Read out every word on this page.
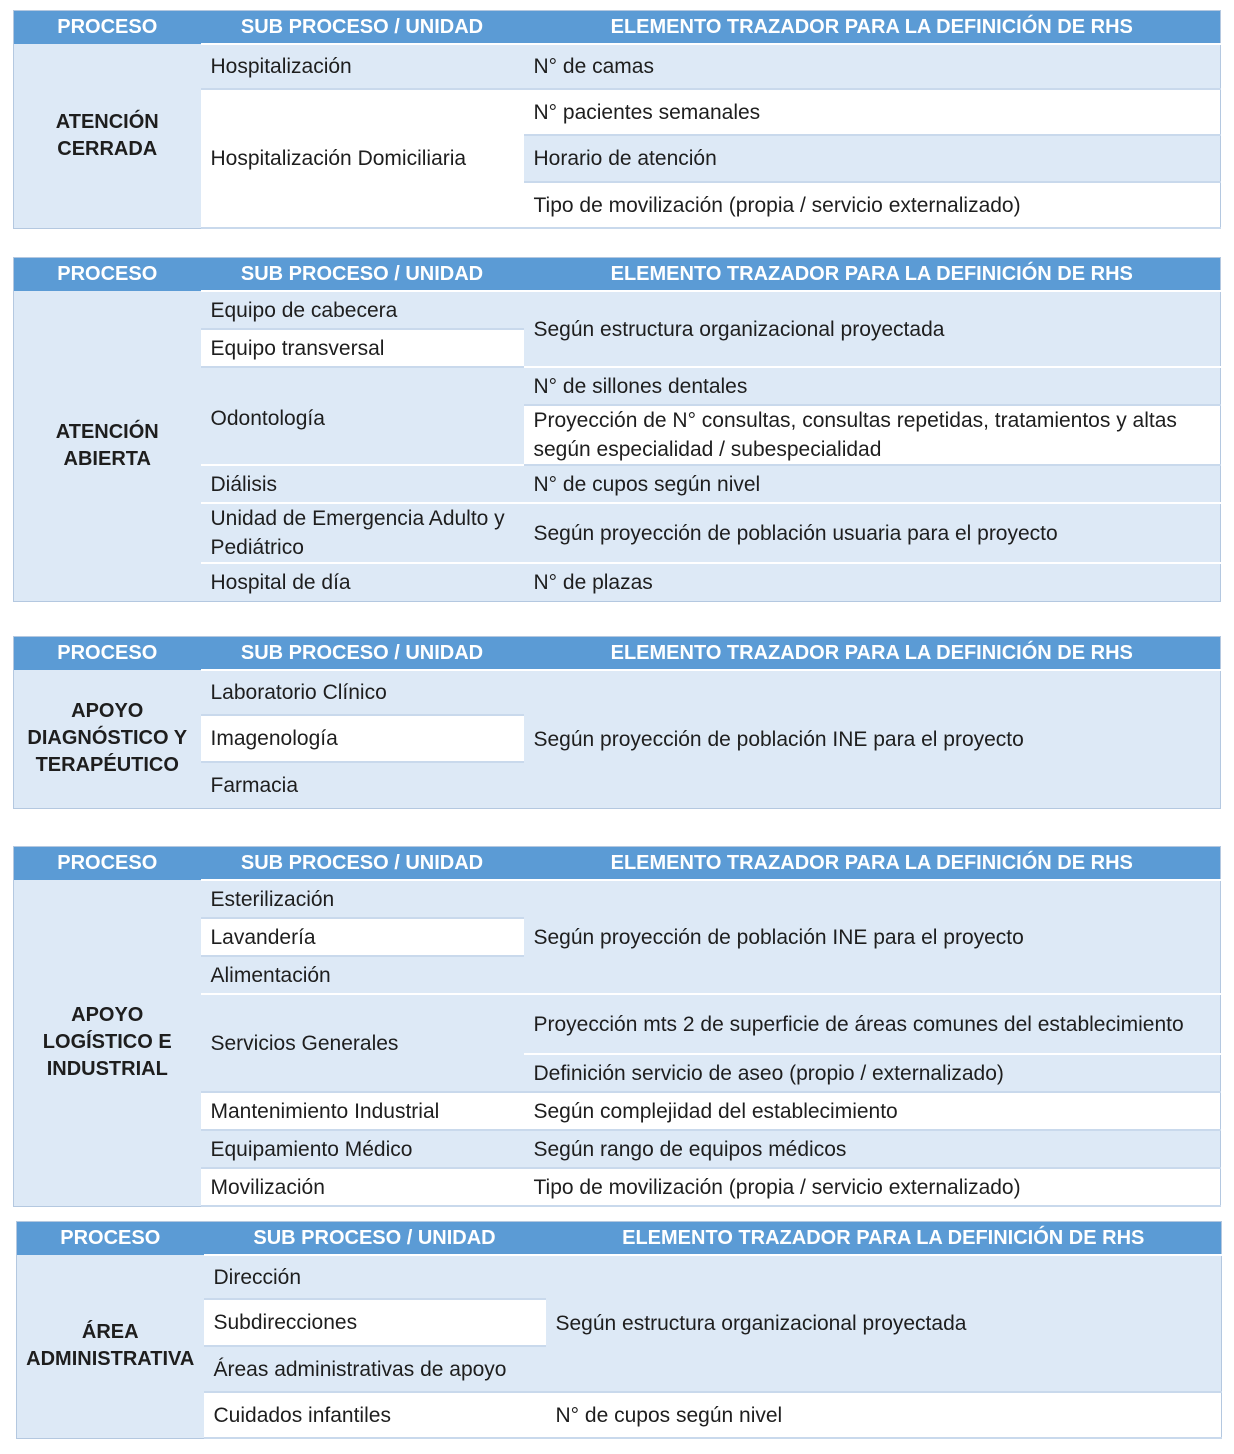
PROCESO	SUB PROCESO / UNIDAD	ELEMENTO TRAZADOR PARA LA DEFINICIÓN DE RHS
ATENCIÓN CERRADA	Hospitalización	N° de camas
	Hospitalización Domiciliaria	N° pacientes semanales
		Horario de atención
		Tipo de movilización (propia / servicio externalizado)
PROCESO	SUB PROCESO / UNIDAD	ELEMENTO TRAZADOR PARA LA DEFINICIÓN DE RHS
ATENCIÓN ABIERTA	Equipo de cabecera	Según estructura organizacional proyectada
	Equipo transversal	
	Odontología	N° de sillones dentales
		Proyección de N° consultas, consultas repetidas, tratamientos y altas según especialidad / subespecialidad
	Diálisis	N° de cupos según nivel
	Unidad de Emergencia Adulto y Pediátrico	Según proyección de población usuaria para el proyecto
	Hospital de día	N° de plazas
PROCESO	SUB PROCESO / UNIDAD	ELEMENTO TRAZADOR PARA LA DEFINICIÓN DE RHS
APOYO DIAGNÓSTICO Y TERAPÉUTICO	Laboratorio Clínico	Según proyección de población INE para el proyecto
	Imagenología	
	Farmacia	
PROCESO	SUB PROCESO / UNIDAD	ELEMENTO TRAZADOR PARA LA DEFINICIÓN DE RHS
APOYO LOGÍSTICO E INDUSTRIAL	Esterilización	Según proyección de población INE para el proyecto
	Lavandería	
	Alimentación	
	Servicios Generales	Proyección mts 2 de superficie de áreas comunes del establecimiento
		Definición servicio de aseo (propio / externalizado)
	Mantenimiento Industrial	Según complejidad del establecimiento
	Equipamiento Médico	Según rango de equipos médicos
	Movilización	Tipo de movilización (propia / servicio externalizado)
PROCESO	SUB PROCESO / UNIDAD	ELEMENTO TRAZADOR PARA LA DEFINICIÓN DE RHS
ÁREA ADMINISTRATIVA	Dirección	Según estructura organizacional proyectada
	Subdirecciones	
	Áreas administrativas de apoyo	
	Cuidados infantiles	N° de cupos según nivel
